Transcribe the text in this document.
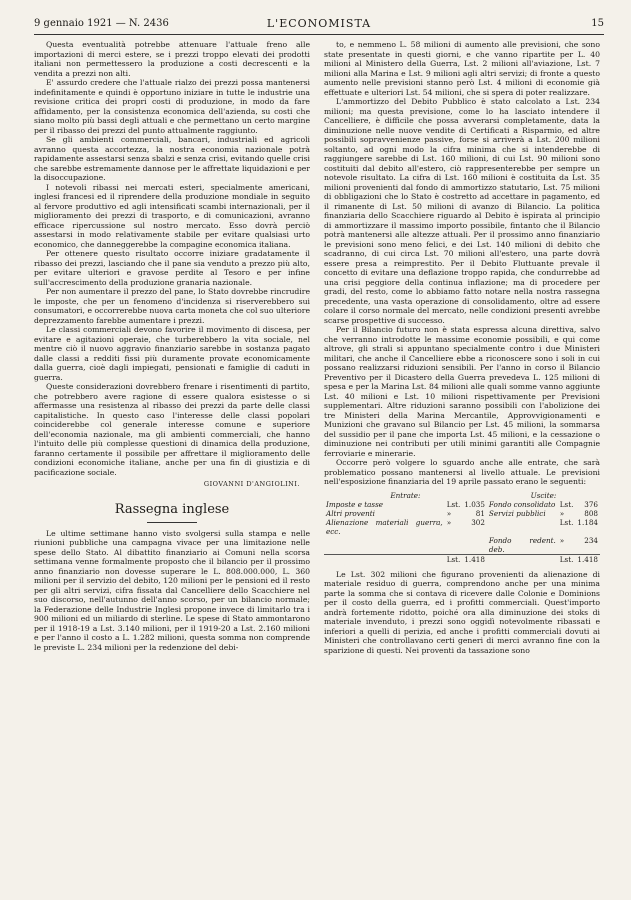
9 gennaio 1921 — N. 2436	L'ECONOMISTA	15

Questa eventualità potrebbe attenuare l'attuale freno alle importazioni di merci estere, se i prezzi troppo elevati dei prodotti italiani non permettessero la produzione a costi decrescenti e la vendita a prezzi non alti.

E' assurdo credere che l'attuale rialzo dei prezzi possa mantenersi indefinitamente e quindi è opportuno iniziare in tutte le industrie una revisione critica dei propri costi di produzione, in modo da fare affidamento, per la consistenza economica dell'azienda, su costi che siano molto più bassi degli attuali e che permettano un certo margine per il ribasso dei prezzi del punto attualmente raggiunto.

Se gli ambienti commerciali, bancari, industriali ed agricoli avranno questa accortezza, la nostra economia nazionale potrà rapidamente assestarsi senza sbalzi e senza crisi, evitando quelle crisi che sarebbe estremamente dannose per le affrettate liquidazioni e per la disoccupazione.

I notevoli ribassi nei mercati esteri, specialmente americani, inglesi francesi ed il riprendere della produzione mondiale in seguito al fervore produttivo ed agli intensificati scambi internazionali, per il miglioramento dei prezzi di trasporto, e di comunicazioni, avranno efficace ripercussione sul nostro mercato. Esso dovrà perciò assestarsi in modo relativamente stabile per evitare qualsiasi urto economico, che danneggerebbe la compagine economica italiana.

Per ottenere questo risultato occorre iniziare gradatamente il ribasso dei prezzi, lasciando che il pane sia venduto a prezzo più alto, per evitare ulteriori e gravose perdite al Tesoro e per infine sull'accrescimento della produzione granaria nazionale.

Per non aumentare il prezzo del pane, lo Stato dovrebbe rincrudire le imposte, che per un fenomeno d'incidenza si riserverebbero sui consumatori, e occorrerebbe nuova carta moneta che col suo ulteriore deprezzamento farebbe aumentare i prezzi.

Le classi commerciali devono favorire il movimento di discesa, per evitare e agitazioni operaie, che turberebbero la vita sociale, nel mentre ciò il nuovo aggravio finanziario sarebbe in sostanza pagato dalle classi a redditi fissi più duramente provate economicamente dalla guerra, cioè dagli impiegati, pensionati e famiglie di caduti in guerra.

Queste considerazioni dovrebbero frenare i risentimenti di partito, che potrebbero avere ragione di essere qualora esistesse o si affermasse una resistenza al ribasso dei prezzi da parte delle classi capitalistiche. In questo caso l'interesse delle classi popolari coinciderebbe col generale interesse comune e superiore dell'economia nazionale, ma gli ambienti commerciali, che hanno l'intuito delle più complesse questioni di dinamica della produzione, faranno certamente il possibile per affrettare il miglioramento delle condizioni economiche italiane, anche per una fin di giustizia e di pacificazione sociale.

GIOVANNI D'ANGIOLINI.
Rassegna inglese

Le ultime settimane hanno visto svolgersi sulla stampa e nelle riunioni pubbliche una campagna vivace per una limitazione nelle spese dello Stato. Al dibattito finanziario ai Comuni nella scorsa settimana venne formalmente proposto che il bilancio per il prossimo anno finanziario non dovesse superare le L. 808.000.000, L. 360 milioni per il servizio del debito, 120 milioni per le pensioni ed il resto per gli altri servizi, cifra fissata dal Cancelliere dello Scacchiere nel suo discorso, nell'autunno dell'anno scorso, per un bilancio normale; la Federazione delle Industrie Inglesi propone invece di limitarlo tra i 900 milioni ed un miliardo di sterline. Le spese di Stato ammontarono per il 1918-19 a Lst. 3.140 milioni, per il 1919-20 a Lst. 2.160 milioni e per l'anno il costo a L. 1.282 milioni, questa somma non comprende le previste L. 234 milioni per la redenzione del debi-

to, e nemmeno L. 58 milioni di aumento alle previsioni, che sono state presentate in questi giorni, e che vanno ripartite per L. 40 milioni al Ministero della Guerra, Lst. 2 milioni all'aviazione, Lst. 7 milioni alla Marina e Lst. 9 milioni agli altri servizi; di fronte a questo aumento nelle previsioni stanno però Lst. 4 milioni di economie già effettuate e ulteriori Lst. 54 milioni, che si spera di poter realizzare.

L'ammortizzo del Debito Pubblico è stato calcolato a Lst. 234 milioni; ma questa previsione, come lo ha lasciato intendere il Cancelliere, è difficile che possa avverarsi completamente, data la diminuzione nelle nuove vendite di Certificati a Risparmio, ed altre possibili sopravvenienze passive, forse si arriverà a Lst. 200 milioni soltanto, ad ogni modo la cifra minima che si intenderebbe di raggiungere sarebbe di Lst. 160 milioni, di cui Lst. 90 milioni sono costituiti dal debito all'estero, ciò rappresenterebbe per sempre un notevole risultato. La cifra di Lst. 160 milioni è costituita da Lst. 35 milioni provenienti dal fondo di ammortizzo statutario, Lst. 75 milioni di obbligazioni che lo Stato è costretto ad accettare in pagamento, ed il rimanente di Lst. 50 milioni di avanzo di Bilancio. La politica finanziaria dello Scacchiere riguardo al Debito è ispirata al principio di ammortizzare il massimo importo possibile, fintanto che il Bilancio potrà mantenersi alle altezze attuali. Per il prossimo anno finanziario le previsioni sono meno felici, e dei Lst. 140 milioni di debito che scadranno, di cui circa Lst. 70 milioni all'estero, una parte dovrà essere presa a reimprestito. Per il Debito Fluttuante prevale il concetto di evitare una deflazione troppo rapida, che condurrebbe ad una crisi peggiore della continua inflazione; ma di procedere per gradi, del resto, come lo abbiamo fatto notare nella nostra rassegna precedente, una vasta operazione di consolidamento, oltre ad essere colare il corso normale del mercato, nelle condizioni presenti avrebbe scarse prospettive di successo.

Per il Bilancio futuro non è stata espressa alcuna direttiva, salvo che verranno introdotte le massime economie possibili, e qui come altrove, gli strali si appuntano specialmente contro i due Ministeri militari, che anche il Cancelliere ebbe a riconoscere sono i soli in cui possano realizzarsi riduzioni sensibili. Per l'anno in corso il Bilancio Preventivo per il Dicastero della Guerra prevedeva L. 125 milioni di spesa e per la Marina Lst. 84 milioni alle quali somme vanno aggiunte Lst. 40 milioni e Lst. 10 milioni rispettivamente per Previsioni supplementari. Altre riduzioni saranno possibili con l'abolizione dei tre Ministeri della Marina Mercantile, Approvvigionamenti e Munizioni che gravano sul Bilancio per Lst. 45 milioni, la sommarsa del sussidio per il pane che importa Lst. 45 milioni, e la cessazione o diminuzione nei contributi per utili minimi garantiti alle Compagnie ferroviarie e minerarie.

Occorre però volgere lo sguardo anche alle entrate, che sarà problematico possano mantenersi al livello attuale. Le previsioni nell'esposizione finanziaria del 19 aprile passato erano le seguenti:

Entrate:			Uscite:		
Imposte e tasse	Lst.	1.035	Fondo consolidato	Lst.	376
Altri proventi	»	81	Servizi pubblici	»	808
Alienazione materiali guerra, ecc.	»	302		Lst.	1.184
			Fondo redent. deb.	»	234
	Lst.	1.418		Lst.	1.418

Le Lst. 302 milioni che figurano provenienti da alienazione di materiale residuo di guerra, comprendono anche per una minima parte la somma che si contava di ricevere dalle Colonie e Dominions per il costo della guerra, ed i profitti commerciali. Quest'importo andrà fortemente ridotto, poiché ora alla diminuzione dei stoks di materiale invenduto, i prezzi sono oggidì notevolmente ribassati e inferiori a quelli di perizia, ed anche i profitti commerciali dovuti ai Ministeri che controllavano certi generi di merci avranno fine con la sparizione di questi. Nei proventi da tassazione sono
